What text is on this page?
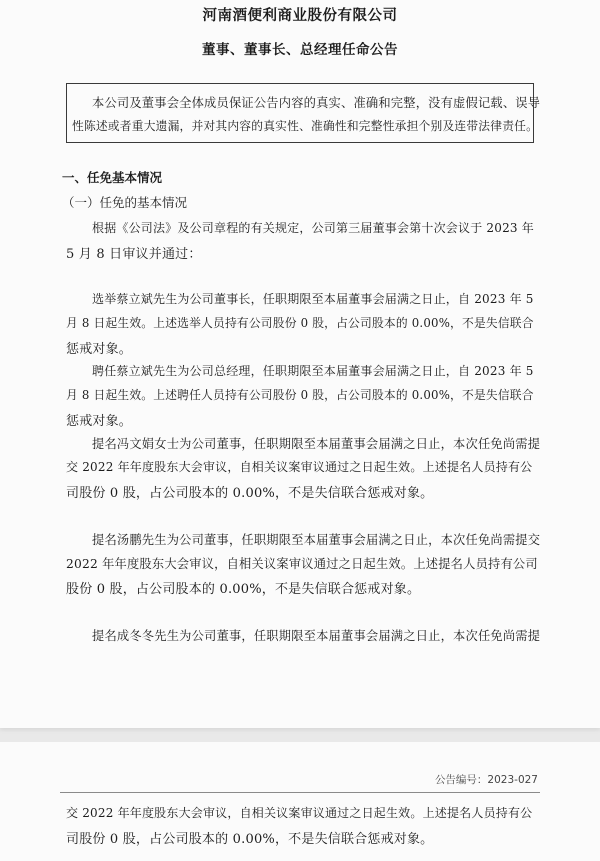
河南酒便利商业股份有限公司
董事、董事长、总经理任命公告
本公司及董事会全体成员保证公告内容的真实、准确和完整，没有虚假记载、误导
性陈述或者重大遗漏，并对其内容的真实性、准确性和完整性承担个别及连带法律责任。
一、任免基本情况
（一）任免的基本情况
根据《公司法》及公司章程的有关规定，公司第三届董事会第十次会议于 2023 年
5 月 8 日审议并通过：
选举蔡立斌先生为公司董事长，任职期限至本届董事会届满之日止，自 2023 年 5
月 8 日起生效。上述选举人员持有公司股份 0 股，占公司股本的 0.00%，不是失信联合
惩戒对象。
聘任蔡立斌先生为公司总经理，任职期限至本届董事会届满之日止，自 2023 年 5
月 8 日起生效。上述聘任人员持有公司股份 0 股，占公司股本的 0.00%，不是失信联合
惩戒对象。
提名冯文娟女士为公司董事，任职期限至本届董事会届满之日止，本次任免尚需提
交 2022 年年度股东大会审议，自相关议案审议通过之日起生效。上述提名人员持有公
司股份 0 股，占公司股本的 0.00%，不是失信联合惩戒对象。
提名汤鹏先生为公司董事，任职期限至本届董事会届满之日止，本次任免尚需提交
2022 年年度股东大会审议，自相关议案审议通过之日起生效。上述提名人员持有公司
股份 0 股，占公司股本的 0.00%，不是失信联合惩戒对象。
提名成冬冬先生为公司董事，任职期限至本届董事会届满之日止，本次任免尚需提
公告编号：2023-027
交 2022 年年度股东大会审议，自相关议案审议通过之日起生效。上述提名人员持有公
司股份 0 股，占公司股本的 0.00%，不是失信联合惩戒对象。
